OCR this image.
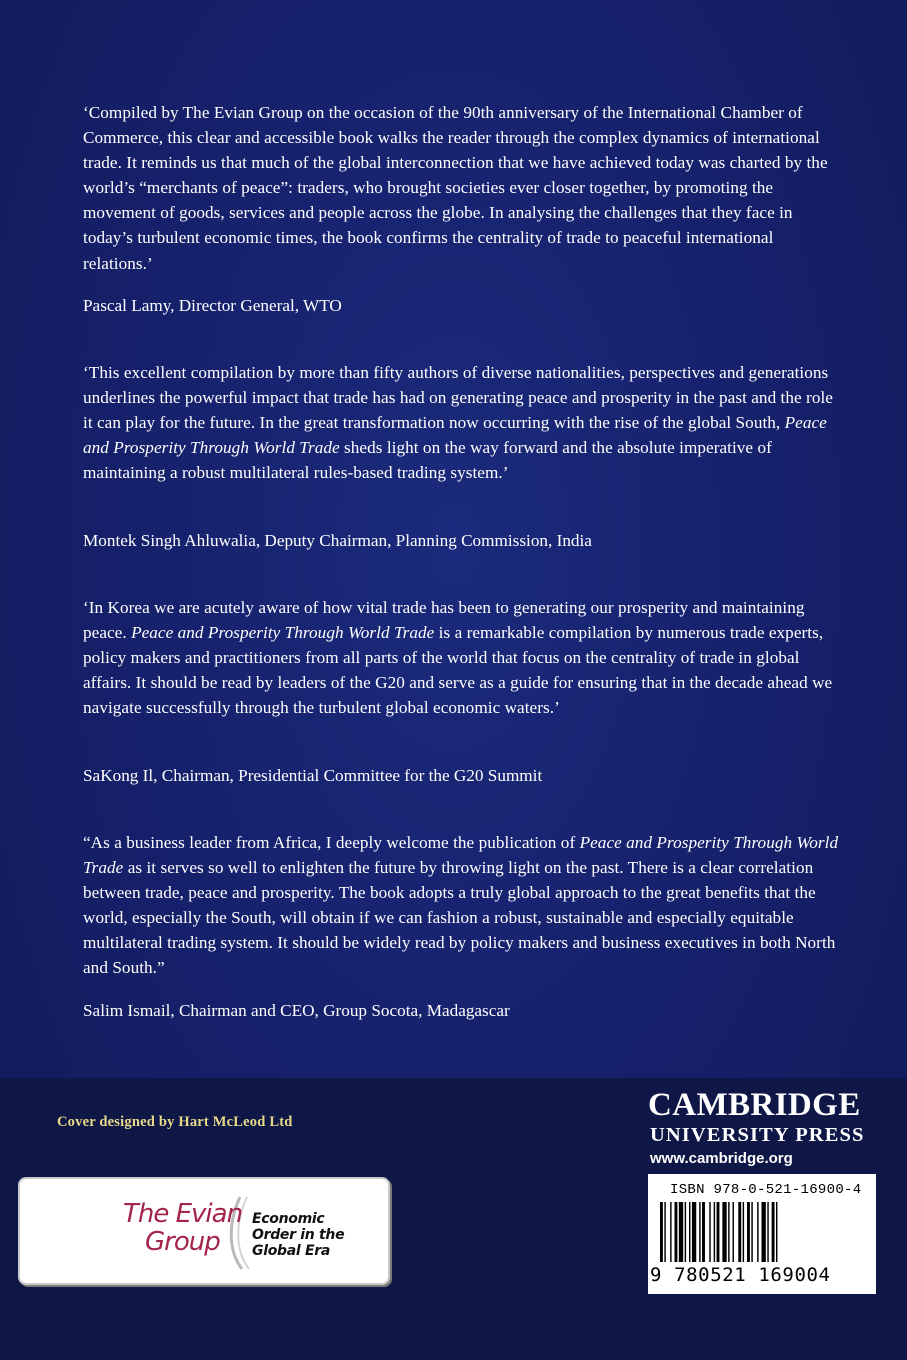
‘Compiled by The Evian Group on the occasion of the 90th anniversary of the International Chamber of Commerce, this clear and accessible book walks the reader through the complex dynamics of international trade. It reminds us that much of the global interconnection that we have achieved today was charted by the world’s “merchants of peace”: traders, who brought societies ever closer together, by promoting the movement of goods, services and people across the globe. In analysing the challenges that they face in today’s turbulent economic times, the book confirms the centrality of trade to peaceful international relations.’

Pascal Lamy, Director General, WTO

‘This excellent compilation by more than fifty authors of diverse nationalities, perspectives and generations underlines the powerful impact that trade has had on generating peace and prosperity in the past and the role it can play for the future. In the great transformation now occurring with the rise of the global South, Peace and Prosperity Through World Trade sheds light on the way forward and the absolute imperative of maintaining a robust multilateral rules-based trading system.’

Montek Singh Ahluwalia, Deputy Chairman, Planning Commission, India

‘In Korea we are acutely aware of how vital trade has been to generating our prosperity and maintaining peace. Peace and Prosperity Through World Trade is a remarkable compilation by numerous trade experts, policy makers and practitioners from all parts of the world that focus on the centrality of trade in global affairs. It should be read by leaders of the G20 and serve as a guide for ensuring that in the decade ahead we navigate successfully through the turbulent global economic waters.’

SaKong Il, Chairman, Presidential Committee for the G20 Summit

“As a business leader from Africa, I deeply welcome the publication of Peace and Prosperity Through World Trade as it serves so well to enlighten the future by throwing light on the past. There is a clear correlation between trade, peace and prosperity. The book adopts a truly global approach to the great benefits that the world, especially the South, will obtain if we can fashion a robust, sustainable and especially equitable multilateral trading system. It should be widely read by policy makers and business executives in both North and South.”

Salim Ismail, Chairman and CEO, Group Socota, Madagascar
Cover designed by Hart McLeod Ltd
The Evian
Group
Economic
Order in the
Global Era
CAMBRIDGE
UNIVERSITY PRESS
www.cambridge.org
ISBN 978-0-521-16900-4
9 780521 169004
